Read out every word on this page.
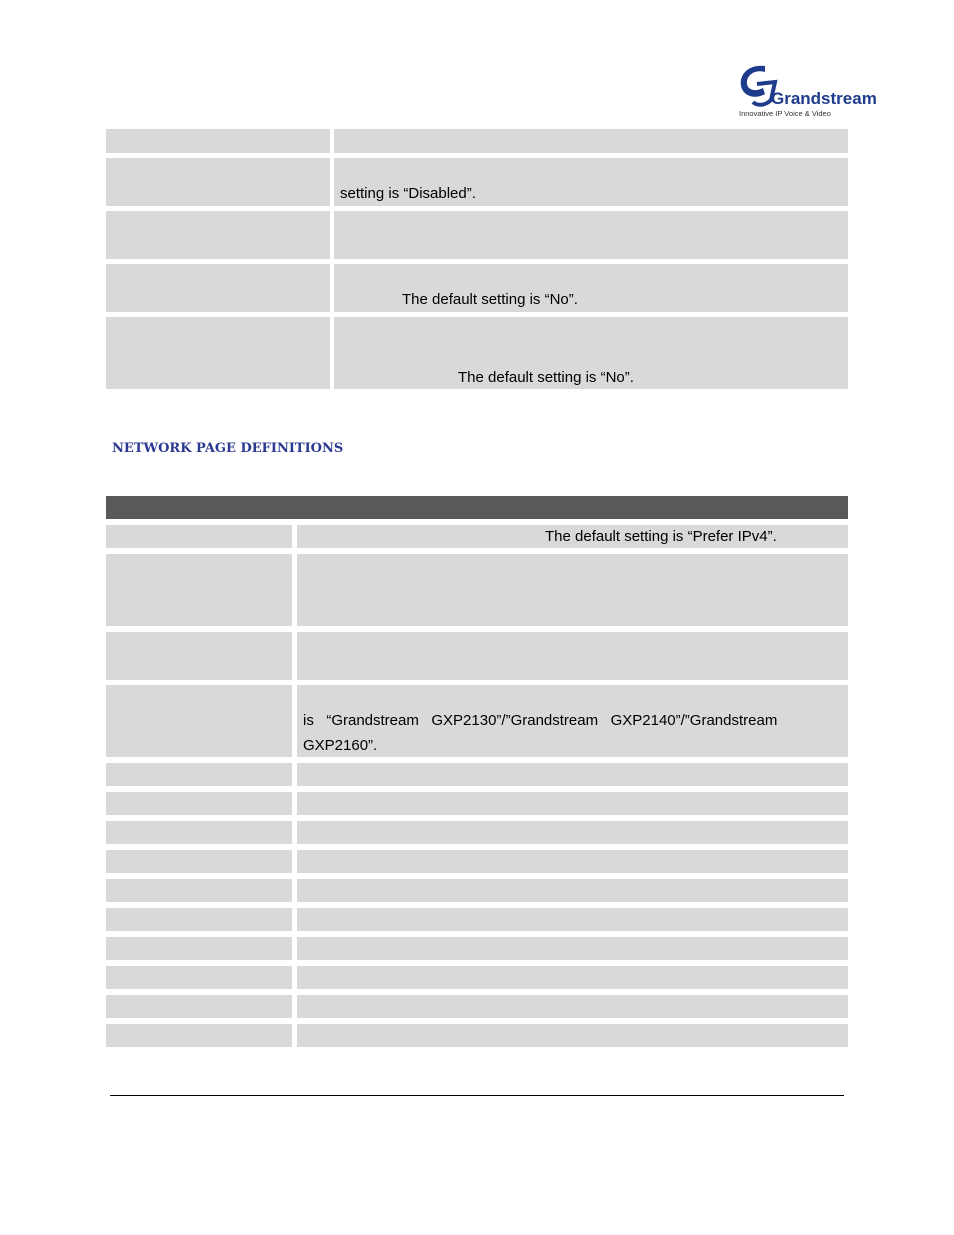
Grandstream
Innovative IP Voice & Video
setting is “Disabled”.
The default setting is “No”.
The default setting is “No”.
NETWORK PAGE DEFINITIONS
The default setting is “Prefer IPv4”.
is   “Grandstream   GXP2130”/”Grandstream   GXP2140”/”Grandstream
GXP2160”.
